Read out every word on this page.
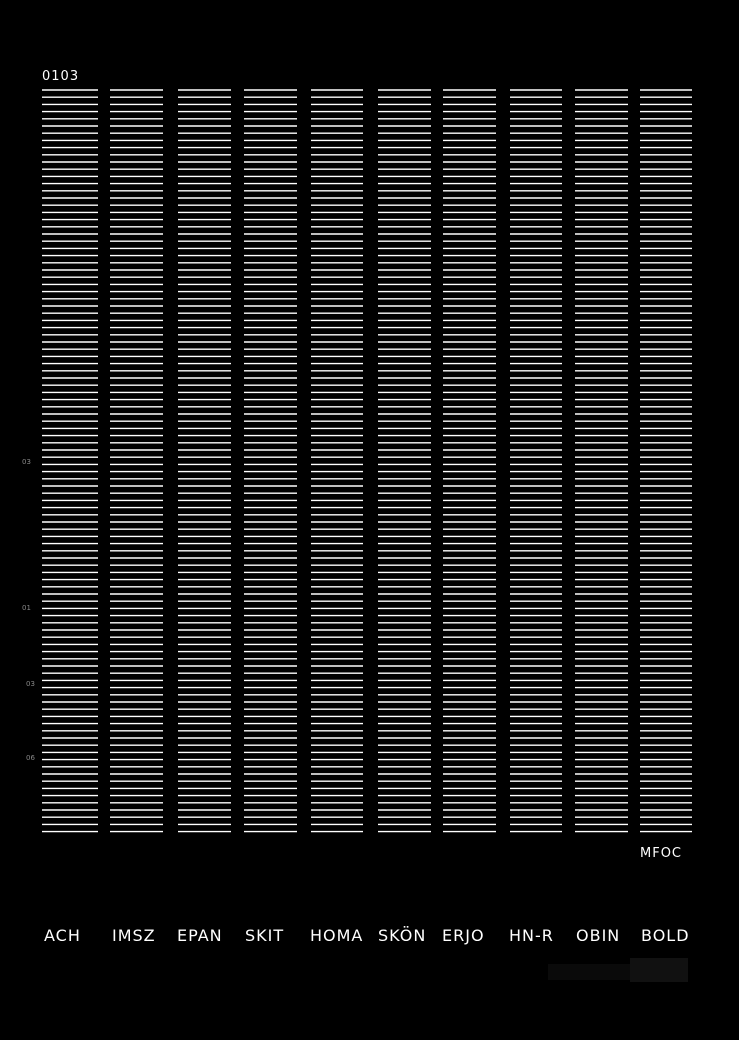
0103
03
01
03
06
MFOC
ACH IMSZ EPAN SKIT HOMA SKÖN ERJO HN-R OBIN BOLD
